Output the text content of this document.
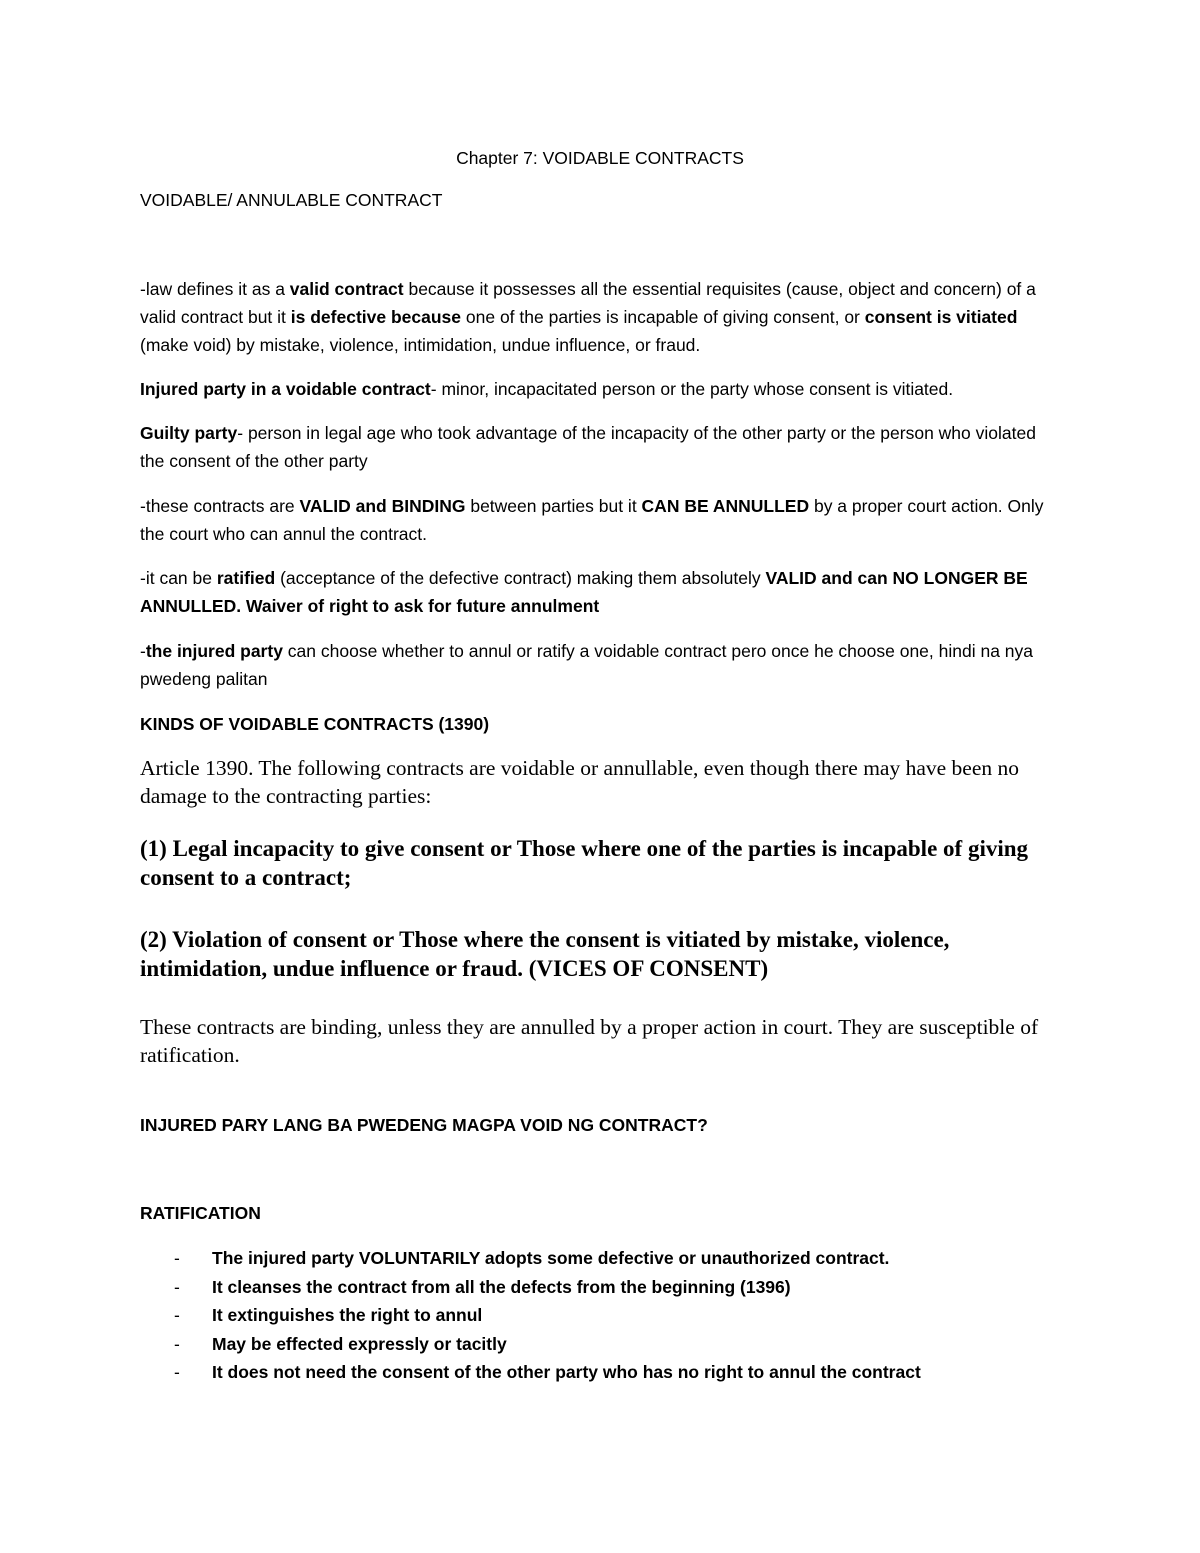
Chapter 7: VOIDABLE CONTRACTS

VOIDABLE/ ANNULABLE CONTRACT

-law defines it as a valid contract because it possesses all the essential requisites (cause, object and concern) of a valid contract but it is defective because one of the parties is incapable of giving consent, or consent is vitiated (make void) by mistake, violence, intimidation, undue influence, or fraud.

Injured party in a voidable contract- minor, incapacitated person or the party whose consent is vitiated.

Guilty party- person in legal age who took advantage of the incapacity of the other party or the person who violated the consent of the other party

-these contracts are VALID and BINDING between parties but it CAN BE ANNULLED by a proper court action. Only the court who can annul the contract.

-it can be ratified (acceptance of the defective contract) making them absolutely VALID and can NO LONGER BE ANNULLED. Waiver of right to ask for future annulment

-the injured party can choose whether to annul or ratify a voidable contract pero once he choose one, hindi na nya pwedeng palitan

KINDS OF VOIDABLE CONTRACTS (1390)

Article 1390. The following contracts are voidable or annullable, even though there may have been no damage to the contracting parties:

(1) Legal incapacity to give consent or Those where one of the parties is incapable of giving consent to a contract;

(2) Violation of consent or Those where the consent is vitiated by mistake, violence, intimidation, undue influence or fraud. (VICES OF CONSENT)

These contracts are binding, unless they are annulled by a proper action in court. They are susceptible of ratification.

INJURED PARY LANG BA PWEDENG MAGPA VOID NG CONTRACT?

RATIFICATION

- The injured party VOLUNTARILY adopts some defective or unauthorized contract.
- It cleanses the contract from all the defects from the beginning (1396)
- It extinguishes the right to annul
- May be effected expressly or tacitly
- It does not need the consent of the other party who has no right to annul the contract
